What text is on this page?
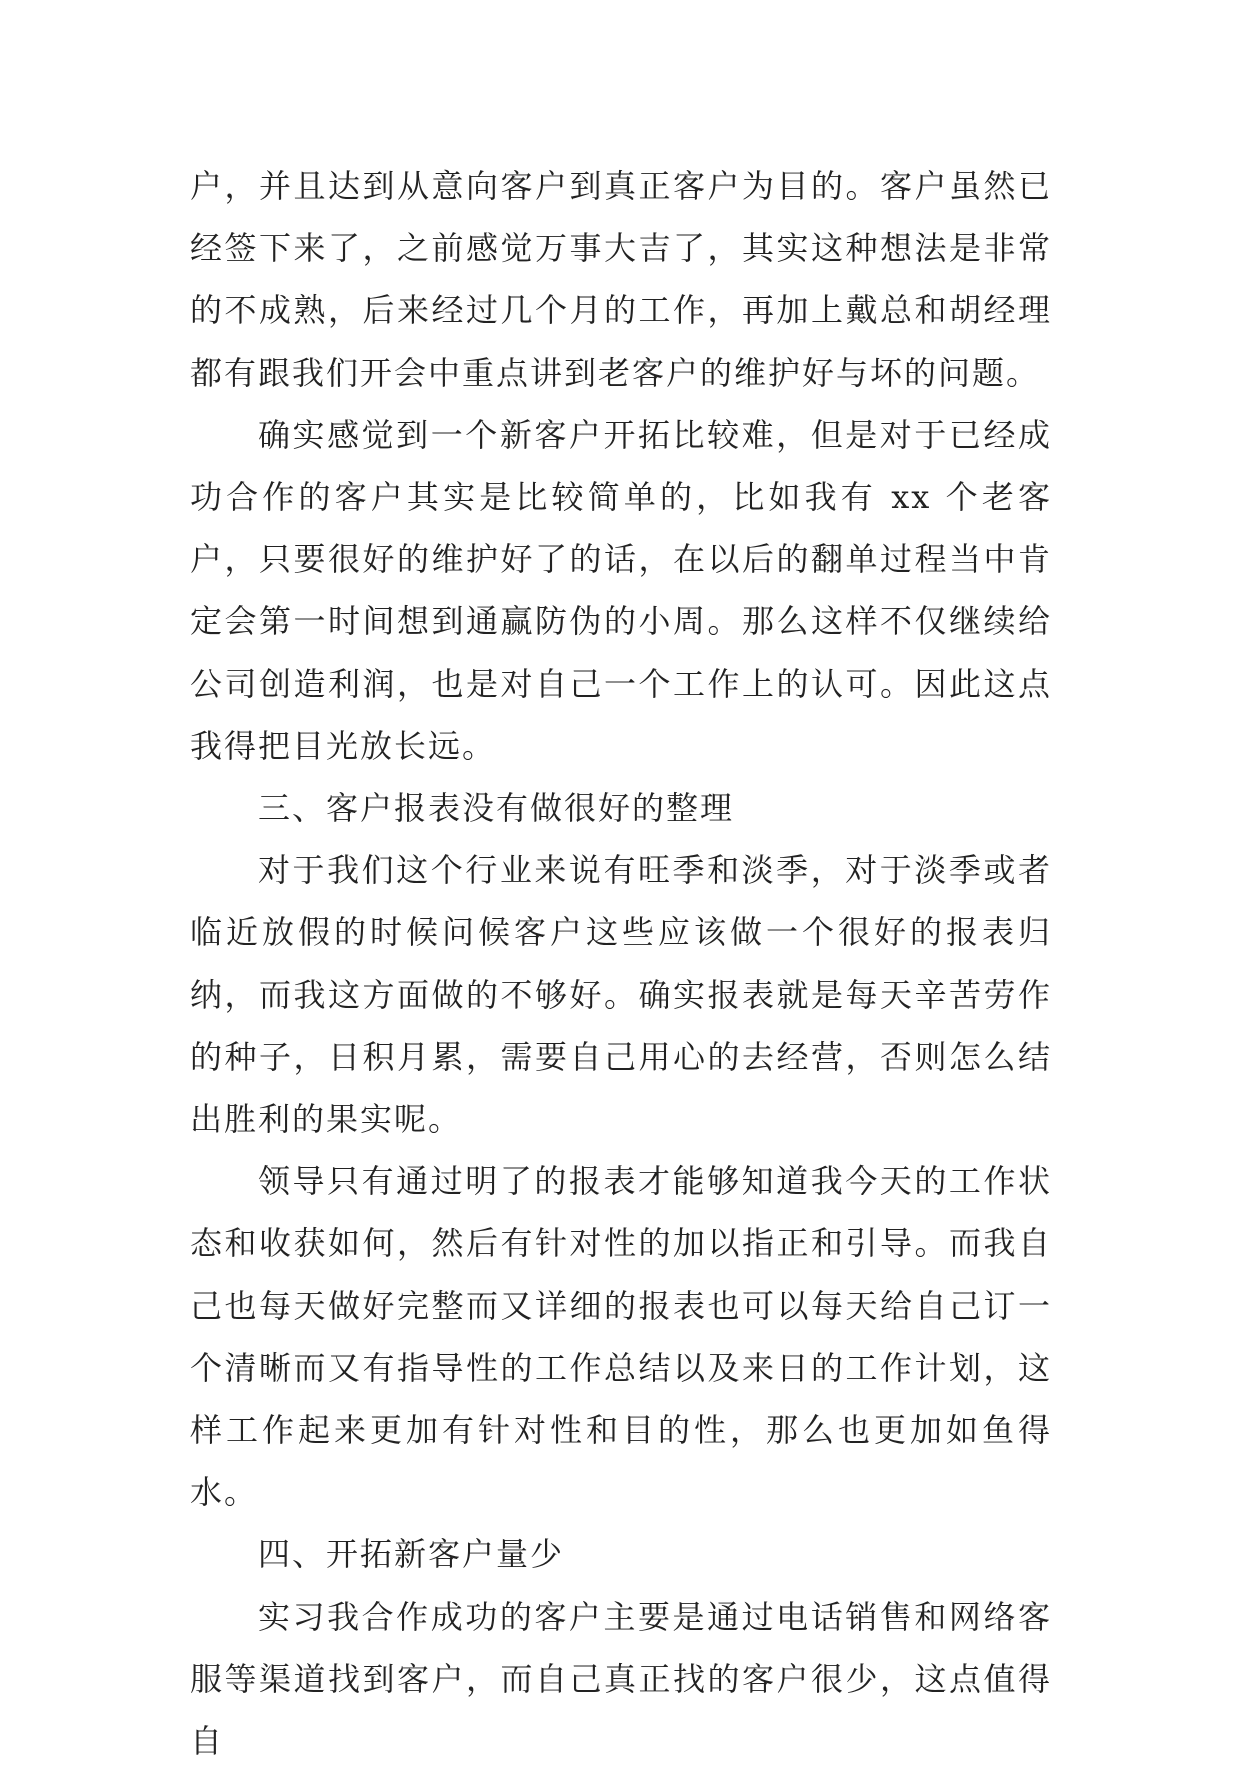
户，并且达到从意向客户到真正客户为目的。客户虽然已经签下来了，之前感觉万事大吉了，其实这种想法是非常的不成熟，后来经过几个月的工作，再加上戴总和胡经理都有跟我们开会中重点讲到老客户的维护好与坏的问题。

确实感觉到一个新客户开拓比较难，但是对于已经成功合作的客户其实是比较简单的，比如我有 xx 个老客户，只要很好的维护好了的话，在以后的翻单过程当中肯定会第一时间想到通赢防伪的小周。那么这样不仅继续给公司创造利润，也是对自己一个工作上的认可。因此这点我得把目光放长远。

三、客户报表没有做很好的整理

对于我们这个行业来说有旺季和淡季，对于淡季或者临近放假的时候问候客户这些应该做一个很好的报表归纳，而我这方面做的不够好。确实报表就是每天辛苦劳作的种子，日积月累，需要自己用心的去经营，否则怎么结出胜利的果实呢。

领导只有通过明了的报表才能够知道我今天的工作状态和收获如何，然后有针对性的加以指正和引导。而我自己也每天做好完整而又详细的报表也可以每天给自己订一个清晰而又有指导性的工作总结以及来日的工作计划，这样工作起来更加有针对性和目的性，那么也更加如鱼得水。

四、开拓新客户量少

实习我合作成功的客户主要是通过电话销售和网络客服等渠道找到客户，而自己真正找的客户很少，这点值得自
